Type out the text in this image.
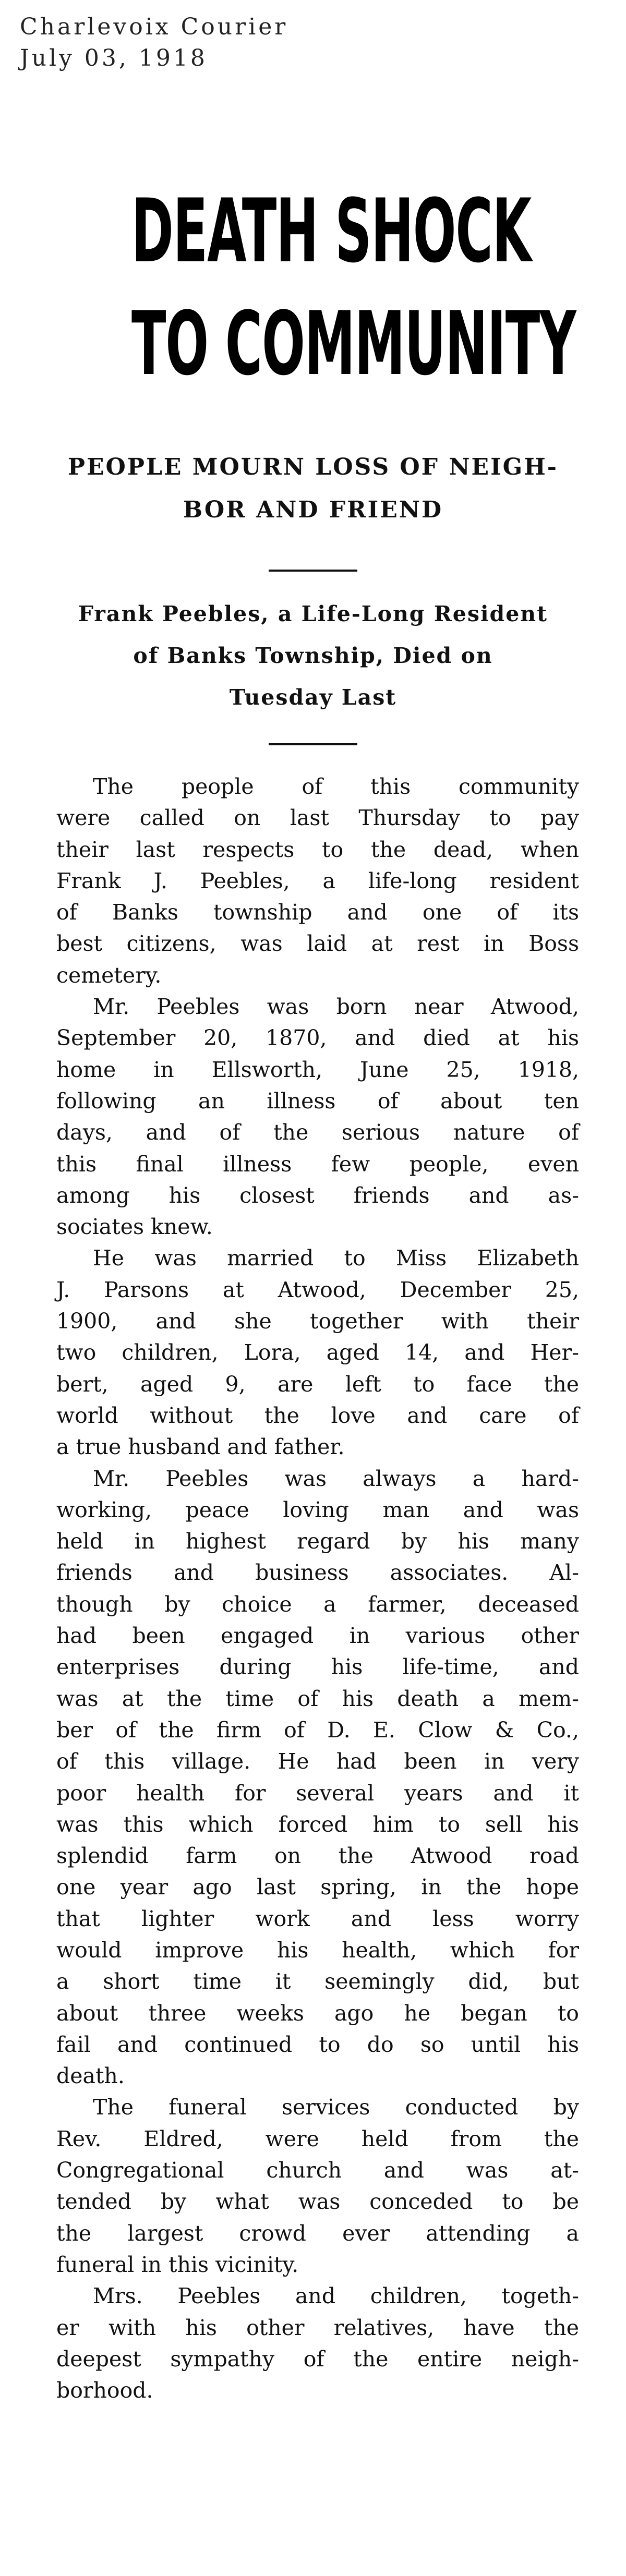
Charlevoix Courier
July 03, 1918
DEATH SHOCK
TO COMMUNITY
PEOPLE MOURN LOSS OF NEIGH-
BOR AND FRIEND
Frank Peebles, a Life-Long Resident
of Banks Township, Died on
Tuesday Last
The people of this community
were called on last Thursday to pay
their last respects to the dead, when
Frank J. Peebles, a life-long resident
of Banks township and one of its
best citizens, was laid at rest in Boss
cemetery.
Mr. Peebles was born near Atwood,
September 20, 1870, and died at his
home in Ellsworth, June 25, 1918,
following an illness of about ten
days, and of the serious nature of
this final illness few people, even
among his closest friends and as-
sociates knew.
He was married to Miss Elizabeth
J. Parsons at Atwood, December 25,
1900, and she together with their
two children, Lora, aged 14, and Her-
bert, aged 9, are left to face the
world without the love and care of
a true husband and father.
Mr. Peebles was always a hard-
working, peace loving man and was
held in highest regard by his many
friends and business associates. Al-
though by choice a farmer, deceased
had been engaged in various other
enterprises during his life-time, and
was at the time of his death a mem-
ber of the firm of D. E. Clow & Co.,
of this village. He had been in very
poor health for several years and it
was this which forced him to sell his
splendid farm on the Atwood road
one year ago last spring, in the hope
that lighter work and less worry
would improve his health, which for
a short time it seemingly did, but
about three weeks ago he began to
fail and continued to do so until his
death.
The funeral services conducted by
Rev. Eldred, were held from the
Congregational church and was at-
tended by what was conceded to be
the largest crowd ever attending a
funeral in this vicinity.
Mrs. Peebles and children, togeth-
er with his other relatives, have the
deepest sympathy of the entire neigh-
borhood.
